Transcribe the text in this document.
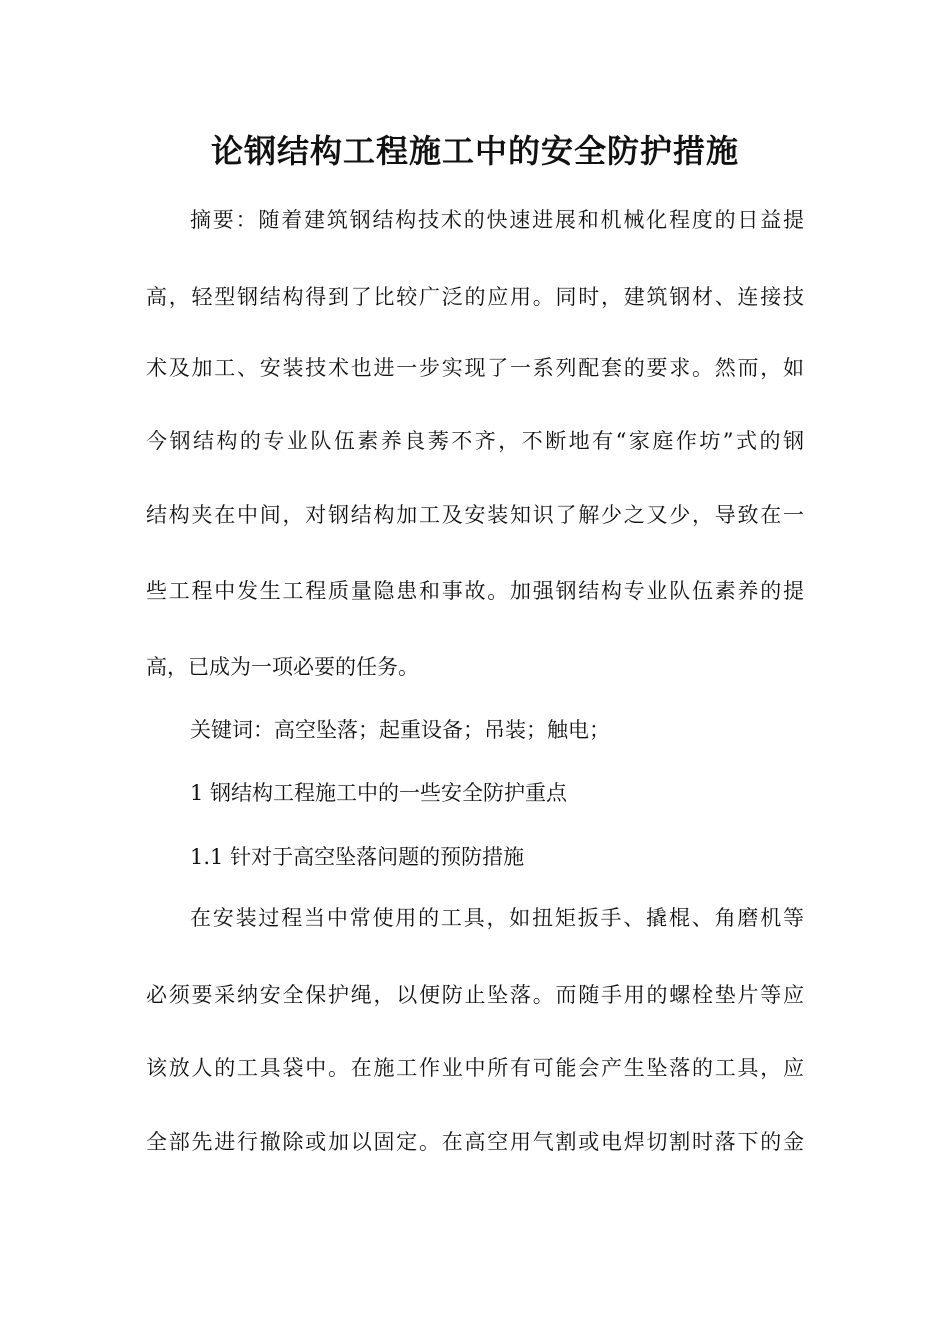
论钢结构工程施工中的安全防护措施

摘要：随着建筑钢结构技术的快速进展和机械化程度的日益提

高，轻型钢结构得到了比较广泛的应用。同时，建筑钢材、连接技

术及加工、安装技术也进一步实现了一系列配套的要求。然而，如

今钢结构的专业队伍素养良莠不齐，不断地有“家庭作坊”式的钢

结构夹在中间，对钢结构加工及安装知识了解少之又少，导致在一

些工程中发生工程质量隐患和事故。加强钢结构专业队伍素养的提

高，已成为一项必要的任务。

关键词：高空坠落；起重设备；吊装；触电；

1 钢结构工程施工中的一些安全防护重点

1.1 针对于高空坠落问题的预防措施

在安装过程当中常使用的工具，如扭矩扳手、撬棍、角磨机等

必须要采纳安全保护绳，以便防止坠落。而随手用的螺栓垫片等应

该放人的工具袋中。在施工作业中所有可能会产生坠落的工具，应

全部先进行撤除或加以固定。在高空用气割或电焊切割时落下的金
